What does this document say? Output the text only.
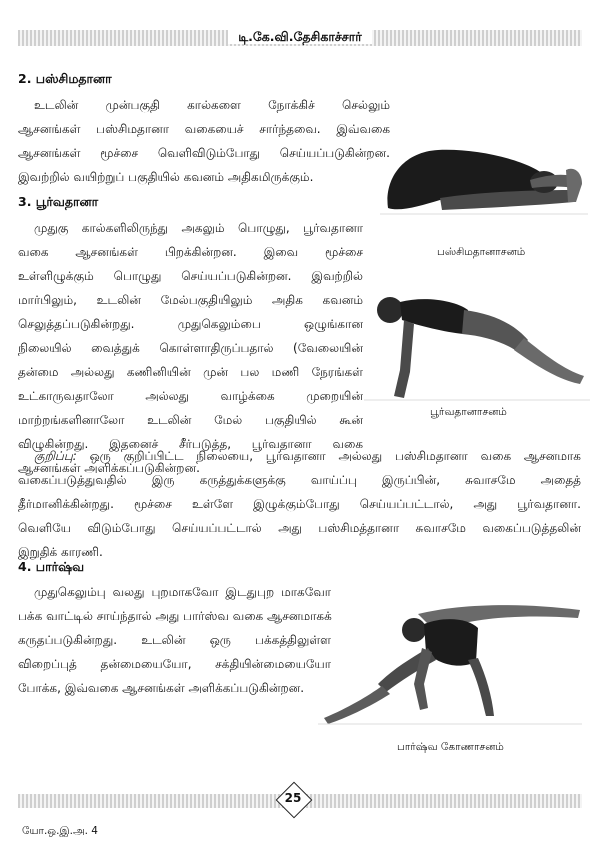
டி.கே.வி.தேசிகாச்சார்
2. பஸ்சிமதானா
உடலின் முன்பகுதி கால்களை நோக்கிச் செல்லும்
ஆசனங்கள் பஸ்சிமதானா வகையைச் சார்ந்தவை. இவ்வகை
ஆசனங்கள் மூச்சை வெளிவிடும்போது செய்யப்படுகின்றன.
இவற்றில் வயிற்றுப் பகுதியில் கவனம் அதிகமிருக்கும்.
3. பூர்வதானா
முதுகு கால்களிலிருந்து அகலும் பொழுது, பூர்வதானா
வகை ஆசனங்கள் பிறக்கின்றன. இவை மூச்சை
உள்ளிழுக்கும் பொழுது செய்யப்படுகின்றன. இவற்றில்
மார்பிலும், உடலின் மேல்பகுதியிலும் அதிக கவனம்
செலுத்தப்படுகின்றது. முதுகெலும்பை ஒழுங்கான
நிலையில் வைத்துக் கொள்ளாதிருப்பதால் (வேலையின்
தன்மை அல்லது கணினியின் முன் பல மணி நேரங்கள்
உட்காருவதாலோ அல்லது வாழ்க்கை முறையின்
மாற்றங்களினாலோ உடலின் மேல் பகுதியில் கூன்
விழுகின்றது. இதனைச் சீர்படுத்த, பூர்வதானா வகை
ஆசனங்கள் அளிக்கப்படுகின்றன.
பஸ்சிமதானாசனம்
பூர்வதானாசனம்
குறிப்பு: ஒரு குறிப்பிட்ட நிலையை, பூர்வதானா அல்லது பஸ்சிமதானா வகை ஆசனமாக
வகைப்படுத்துவதில் இரு கருத்துக்களுக்கு வாய்ப்பு இருப்பின், சுவாசமே அதைத்
தீர்மானிக்கின்றது. மூச்சை உள்ளே இழுக்கும்போது செய்யப்பட்டால், அது பூர்வதானா.
வெளியே விடும்போது செய்யப்பட்டால் அது பஸ்சிமத்தானா சுவாசமே வகைப்படுத்தலின்
இறுதிக் காரணி.
4. பார்ஷ்வ
முதுகெலும்பு வலது புறமாகவோ இடதுபுற மாகவோ
பக்க வாட்டில் சாய்ந்தால் அது பார்ஸ்வ வகை ஆசனமாகக்
கருதப்படுகின்றது. உடலின் ஒரு பக்கத்திலுள்ள
விறைப்புத் தன்மையையோ, சக்தியின்மையையோ
போக்க, இவ்வகை ஆசனங்கள் அளிக்கப்படுகின்றன.
பார்ஷ்வ கோணாசனம்
25
யோ.ஒ.இ.அ. 4
